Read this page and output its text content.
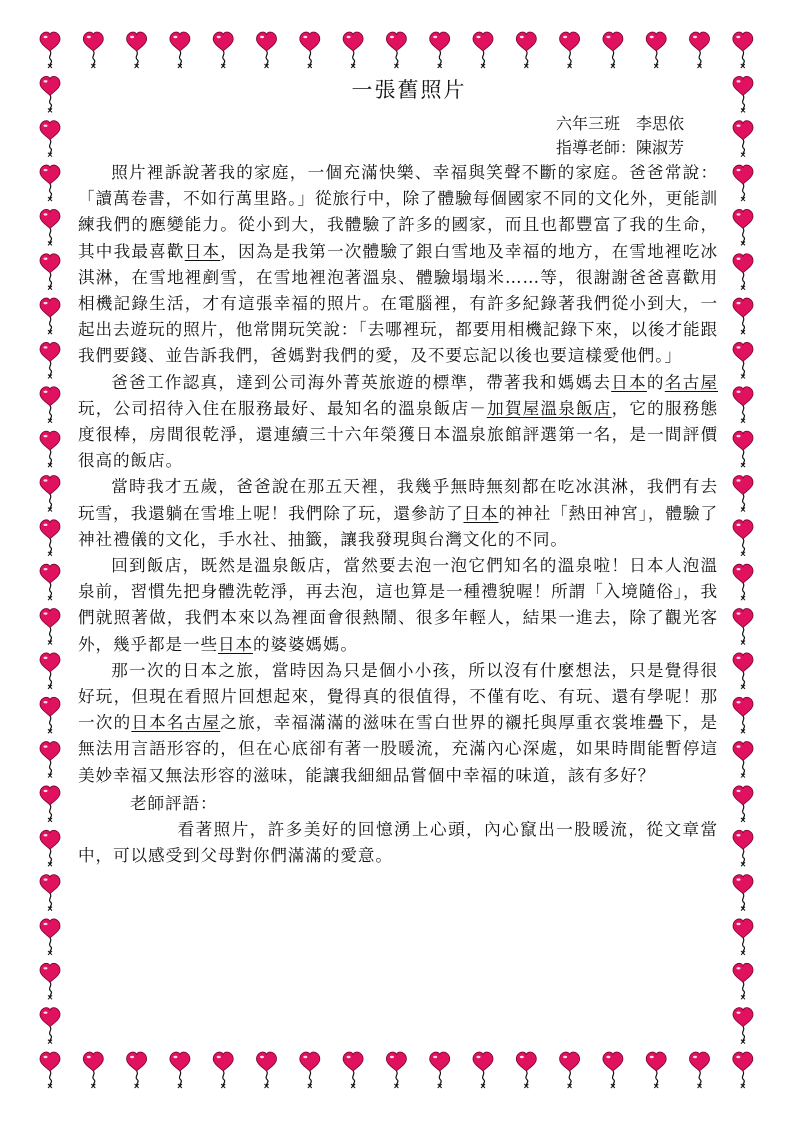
一張舊照片
六年三班　李思依
指導老師：陳淑芳

照片裡訴說著我的家庭，一個充滿快樂、幸福與笑聲不斷的家庭。爸爸常說：「讀萬卷書，不如行萬里路。」從旅行中，除了體驗每個國家不同的文化外，更能訓練我們的應變能力。從小到大，我體驗了許多的國家，而且也都豐富了我的生命，其中我最喜歡日本，因為是我第一次體驗了銀白雪地及幸福的地方，在雪地裡吃冰淇淋，在雪地裡剷雪，在雪地裡泡著溫泉、體驗塌塌米……等，很謝謝爸爸喜歡用相機記錄生活，才有這張幸福的照片。在電腦裡，有許多紀錄著我們從小到大，一起出去遊玩的照片，他常開玩笑說：「去哪裡玩，都要用相機記錄下來，以後才能跟我們要錢、並告訴我們，爸媽對我們的愛，及不要忘記以後也要這樣愛他們。」

爸爸工作認真，達到公司海外菁英旅遊的標準，帶著我和媽媽去日本的名古屋玩，公司招待入住在服務最好、最知名的溫泉飯店－加賀屋溫泉飯店，它的服務態度很棒，房間很乾淨，還連續三十六年榮獲日本溫泉旅館評選第一名，是一間評價很高的飯店。

當時我才五歲，爸爸說在那五天裡，我幾乎無時無刻都在吃冰淇淋，我們有去玩雪，我還躺在雪堆上呢！我們除了玩，還參訪了日本的神社「熱田神宮」，體驗了神社禮儀的文化，手水社、抽籤，讓我發現與台灣文化的不同。

回到飯店，既然是溫泉飯店，當然要去泡一泡它們知名的溫泉啦！日本人泡溫泉前，習慣先把身體洗乾淨，再去泡，這也算是一種禮貌喔！所謂「入境隨俗」，我們就照著做，我們本來以為裡面會很熱鬧、很多年輕人，結果一進去，除了觀光客外，幾乎都是一些日本的婆婆媽媽。

那一次的日本之旅，當時因為只是個小小孩，所以沒有什麼想法，只是覺得很好玩，但現在看照片回想起來，覺得真的很值得，不僅有吃、有玩、還有學呢！那一次的日本名古屋之旅，幸福滿滿的滋味在雪白世界的襯托與厚重衣裳堆疊下，是無法用言語形容的，但在心底卻有著一股暖流，充滿內心深處，如果時間能暫停這美妙幸福又無法形容的滋味，能讓我細細品嘗個中幸福的味道，該有多好？

老師評語：

看著照片，許多美好的回憶湧上心頭，內心竄出一股暖流，從文章當中，可以感受到父母對你們滿滿的愛意。
